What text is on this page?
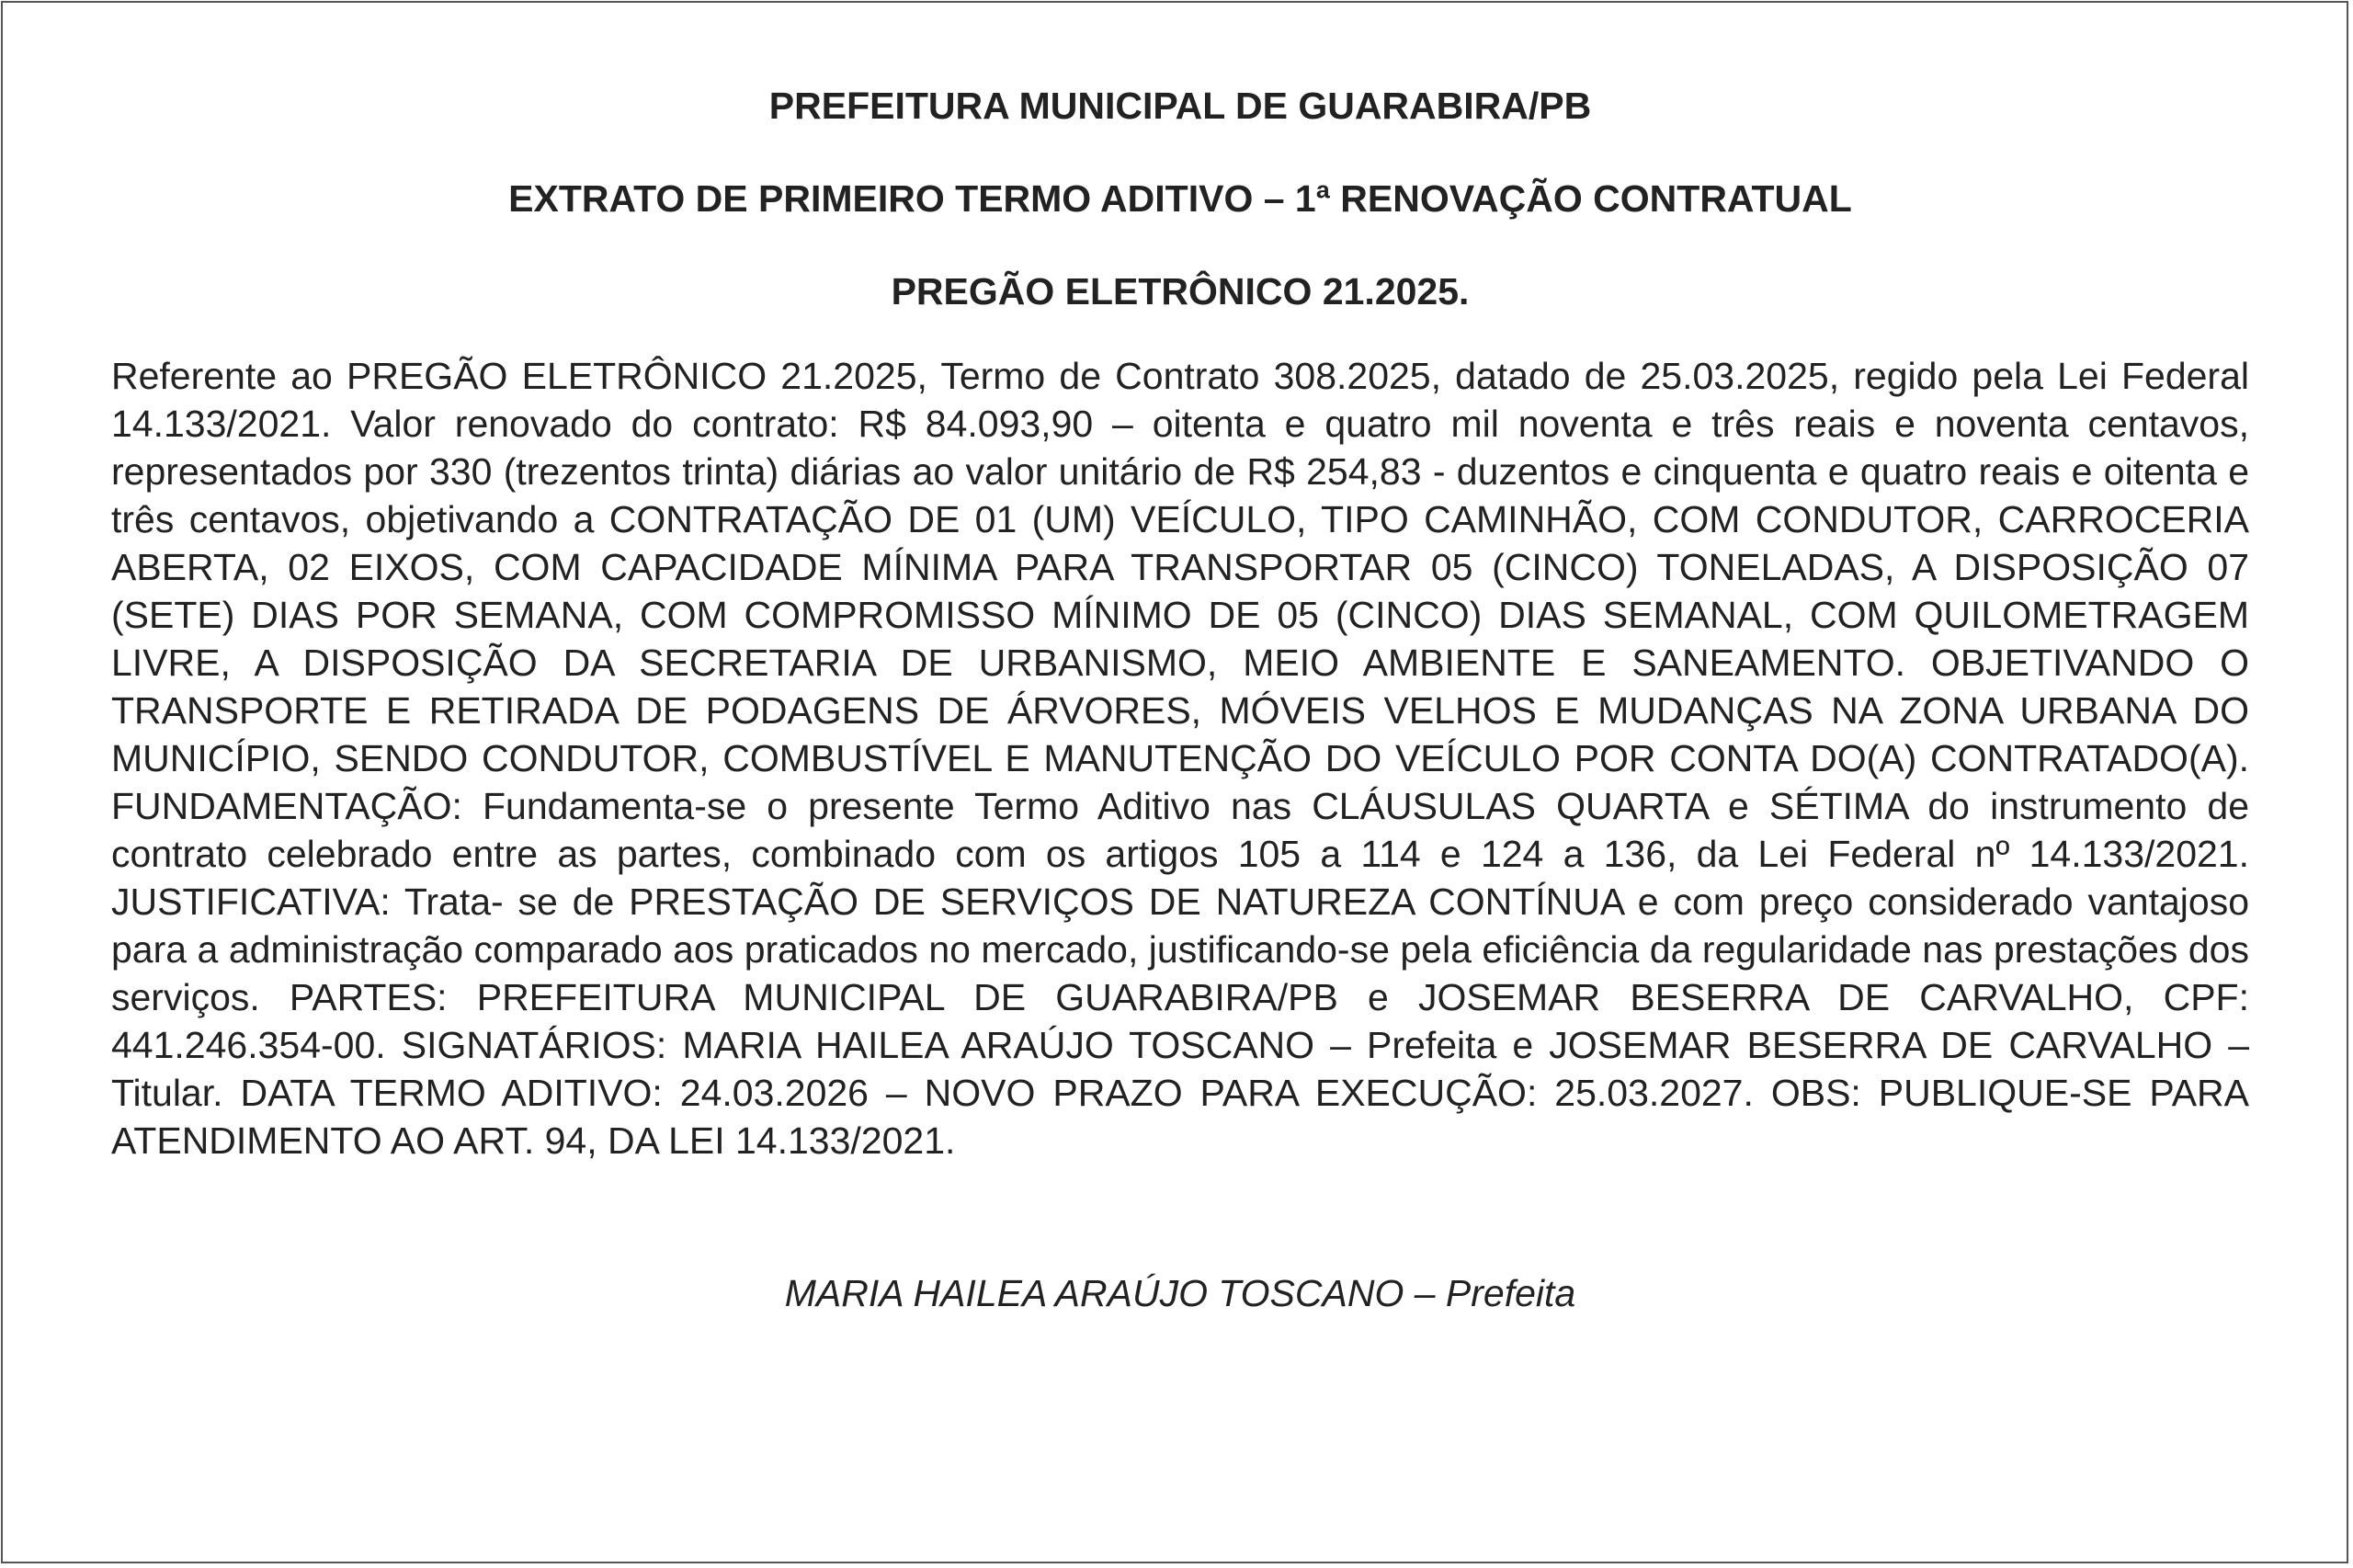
PREFEITURA MUNICIPAL DE GUARABIRA/PB

EXTRATO DE PRIMEIRO TERMO ADITIVO – 1ª RENOVAÇÃO CONTRATUAL

PREGÃO ELETRÔNICO 21.2025.

Referente ao PREGÃO ELETRÔNICO 21.2025, Termo de Contrato 308.2025, datado de 25.03.2025, regido pela Lei Federal 14.133/2021. Valor renovado do contrato: R$ 84.093,90 – oitenta e quatro mil noventa e três reais e noventa centavos, representados por 330 (trezentos trinta) diárias ao valor unitário de R$ 254,83 - duzentos e cinquenta e quatro reais e oitenta e três centavos, objetivando a CONTRATAÇÃO DE 01 (UM) VEÍCULO, TIPO CAMINHÃO, COM CONDUTOR, CARROCERIA ABERTA, 02 EIXOS, COM CAPACIDADE MÍNIMA PARA TRANSPORTAR 05 (CINCO) TONELADAS, A DISPOSIÇÃO 07 (SETE) DIAS POR SEMANA, COM COMPROMISSO MÍNIMO DE 05 (CINCO) DIAS SEMANAL, COM QUILOMETRAGEM LIVRE, A DISPOSIÇÃO DA SECRETARIA DE URBANISMO, MEIO AMBIENTE E SANEAMENTO. OBJETIVANDO O TRANSPORTE E RETIRADA DE PODAGENS DE ÁRVORES, MÓVEIS VELHOS E MUDANÇAS NA ZONA URBANA DO MUNICÍPIO, SENDO CONDUTOR, COMBUSTÍVEL E MANUTENÇÃO DO VEÍCULO POR CONTA DO(A) CONTRATADO(A). FUNDAMENTAÇÃO: Fundamenta-se o presente Termo Aditivo nas CLÁUSULAS QUARTA e SÉTIMA do instrumento de contrato celebrado entre as partes, combinado com os artigos 105 a 114 e 124 a 136, da Lei Federal nº 14.133/2021. JUSTIFICATIVA: Trata- se de PRESTAÇÃO DE SERVIÇOS DE NATUREZA CONTÍNUA e com preço considerado vantajoso para a administração comparado aos praticados no mercado, justificando-se pela eficiência da regularidade nas prestações dos serviços. PARTES: PREFEITURA MUNICIPAL DE GUARABIRA/PB e JOSEMAR BESERRA DE CARVALHO, CPF: 441.246.354-00. SIGNATÁRIOS: MARIA HAILEA ARAÚJO TOSCANO – Prefeita e JOSEMAR BESERRA DE CARVALHO – Titular. DATA TERMO ADITIVO: 24.03.2026 – NOVO PRAZO PARA EXECUÇÃO: 25.03.2027. OBS: PUBLIQUE-SE PARA ATENDIMENTO AO ART. 94, DA LEI 14.133/2021.

MARIA HAILEA ARAÚJO TOSCANO – Prefeita
